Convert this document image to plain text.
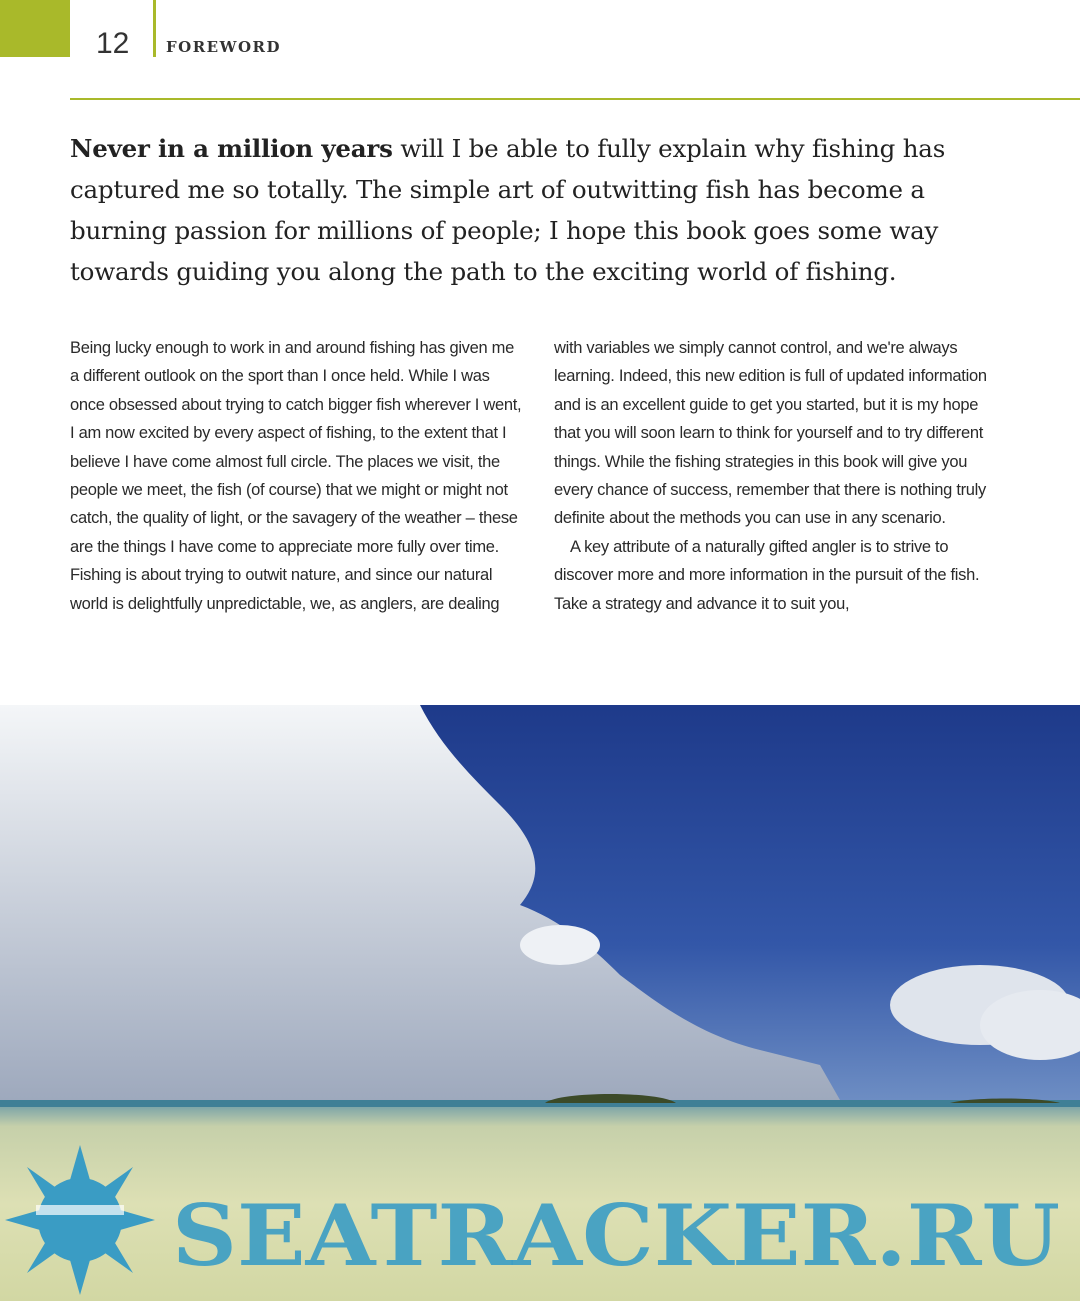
12 FOREWORD

Never in a million years will I be able to fully explain why fishing has captured me so totally. The simple art of outwitting fish has become a burning passion for millions of people; I hope this book goes some way towards guiding you along the path to the exciting world of fishing.

Being lucky enough to work in and around fishing has given me a different outlook on the sport than I once held. While I was once obsessed about trying to catch bigger fish wherever I went, I am now excited by every aspect of fishing, to the extent that I believe I have come almost full circle. The places we visit, the people we meet, the fish (of course) that we might or might not catch, the quality of light, or the savagery of the weather – these are the things I have come to appreciate more fully over time. Fishing is about trying to outwit nature, and since our natural world is delightfully unpredictable, we, as anglers, are dealing

with variables we simply cannot control, and we're always learning. Indeed, this new edition is full of updated information and is an excellent guide to get you started, but it is my hope that you will soon learn to think for yourself and to try different things. While the fishing strategies in this book will give you every chance of success, remember that there is nothing truly definite about the methods you can use in any scenario.

A key attribute of a naturally gifted angler is to strive to discover more and more information in the pursuit of the fish. Take a strategy and advance it to suit you,

SEATRACKER.RU
